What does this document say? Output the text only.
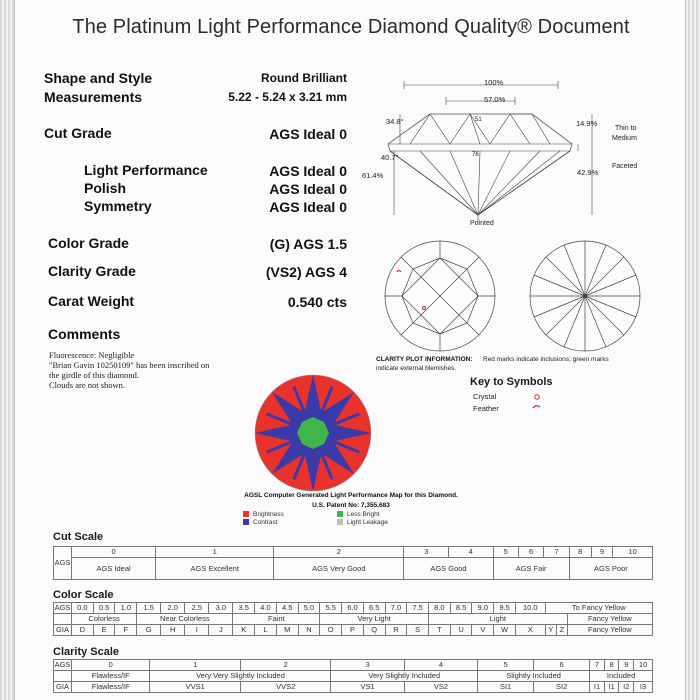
The Platinum Light Performance Diamond Quality® Document
Shape and Style	Round Brilliant
Measurements	5.22 - 5.24 x 3.21 mm
Cut Grade	AGS Ideal 0
Light Performance	AGS Ideal 0
Polish	AGS Ideal 0
Symmetry	AGS Ideal 0
Color Grade	(G) AGS 1.5
Clarity Grade	(VS2) AGS 4
Carat Weight	0.540 cts
Comments
Fluorescence: Negligible
"Brian Gavin 10250109" has been inscribed on
the girdle of this diamond.
Clouds are not shown.
100%
57.0%
34.8°
40.7°
61.4%
51
76
14.9%
Thin to
Medium
Faceted
42.9%
Pointed
CLARITY PLOT INFORMATION: Red marks indicate inclusions; green marks
indicate external blemishes.
Key to Symbols
Crystal
Feather
AGSL Computer Generated Light Performance Map for this Diamond.
U.S. Patent No: 7,355,683
Brightness
Contrast
Less Bright
Light Leakage
Cut Scale
AGS	0	1	2	3	4	5	6	7	8	9	10
	AGS Ideal	AGS Excellent	AGS Very Good	AGS Good		AGS Fair			AGS Poor		
Color Scale
AGS	0.0	0.5	1.0	1.5	2.0	2.5	3.0	3.5	4.0	4.5	5.0	5.5	6.0	6.5	7.0	7.5	8.0	8.5	9.0	9.5	10.0	To Fancy Yellow		
	Colorless			Near Colorless				Faint				Very Light					Light							Fancy Yellow
GIA	D	E	F	G	H	I	J	K	L	M	N	O	P	Q	R	S	T	U	V	W	X	Y	Z	Fancy Yellow
Clarity Scale
AGS	0	1	2	3	4	5	6	7	8	9	10
	Flawless/IF	Very Very Slightly Included		Very Slightly Included		Slightly Included		Included			
GIA	Flawless/IF	VVS1	VVS2	VS1	VS2	SI1	SI2	I1	I1	I2	I3
